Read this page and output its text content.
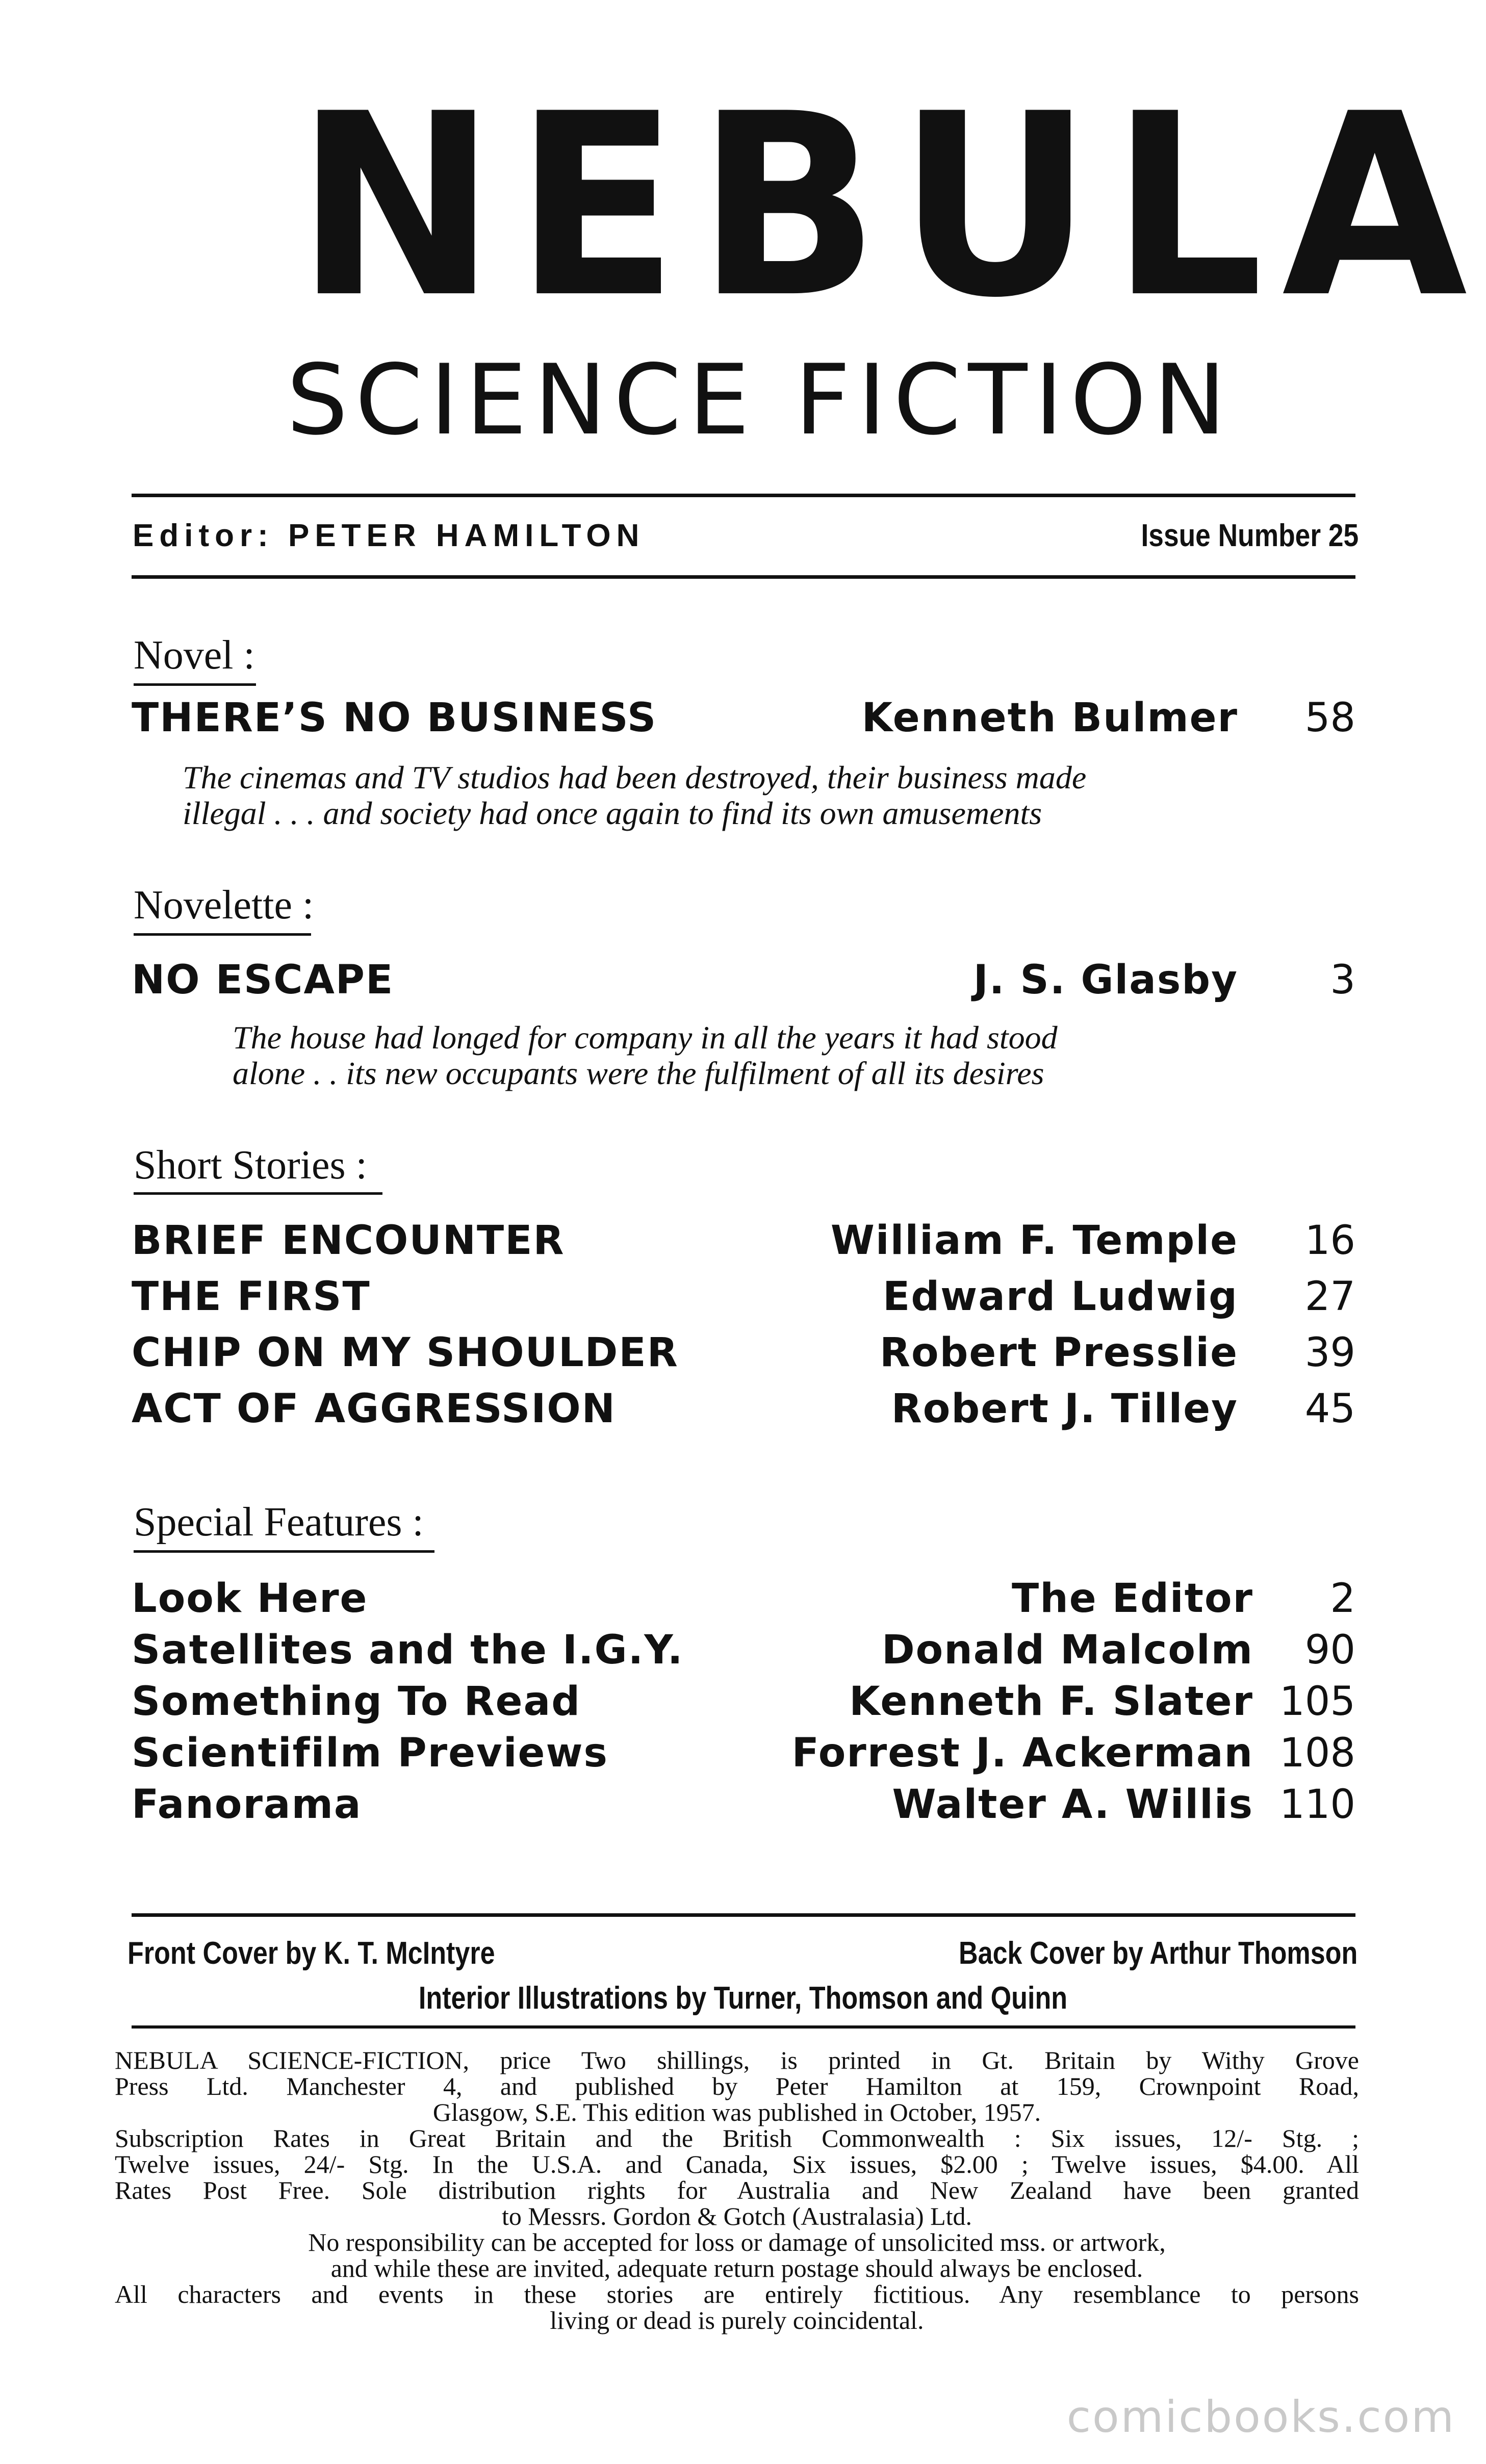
NEBULA
SCIENCE FICTION
Editor: PETER HAMILTON	Issue Number 25
Novel :
THERE’S NO BUSINESS	Kenneth Bulmer 58
The cinemas and TV studios had been destroyed, their business made
illegal . . . and society had once again to find its own amusements
Novelette :
NO ESCAPE	J. S. Glasby 3
The house had longed for company in all the years it had stood
alone . . its new occupants were the fulfilment of all its desires
Short Stories :
BRIEF ENCOUNTER	William F. Temple 16
THE FIRST	Edward Ludwig 27
CHIP ON MY SHOULDER	Robert Presslie 39
ACT OF AGGRESSION	Robert J. Tilley 45
Special Features :
Look Here	The Editor 2
Satellites and the I.G.Y.	Donald Malcolm 90
Something To Read	Kenneth F. Slater 105
Scientifilm Previews	Forrest J. Ackerman 108
Fanorama	Walter A. Willis 110
Front Cover by K. T. McIntyre	Back Cover by Arthur Thomson
Interior Illustrations by Turner, Thomson and Quinn
NEBULA SCIENCE-FICTION, price Two shillings, is printed in Gt. Britain by Withy Grove
Press Ltd. Manchester 4, and published by Peter Hamilton at 159, Crownpoint Road,
Glasgow, S.E. This edition was published in October, 1957.
Subscription Rates in Great Britain and the British Commonwealth : Six issues, 12/- Stg. ;
Twelve issues, 24/- Stg. In the U.S.A. and Canada, Six issues, $2.00 ; Twelve issues, $4.00. All
Rates Post Free. Sole distribution rights for Australia and New Zealand have been granted
to Messrs. Gordon & Gotch (Australasia) Ltd.
No responsibility can be accepted for loss or damage of unsolicited mss. or artwork,
and while these are invited, adequate return postage should always be enclosed.
All characters and events in these stories are entirely fictitious. Any resemblance to persons
living or dead is purely coincidental.
comicbooks.com
